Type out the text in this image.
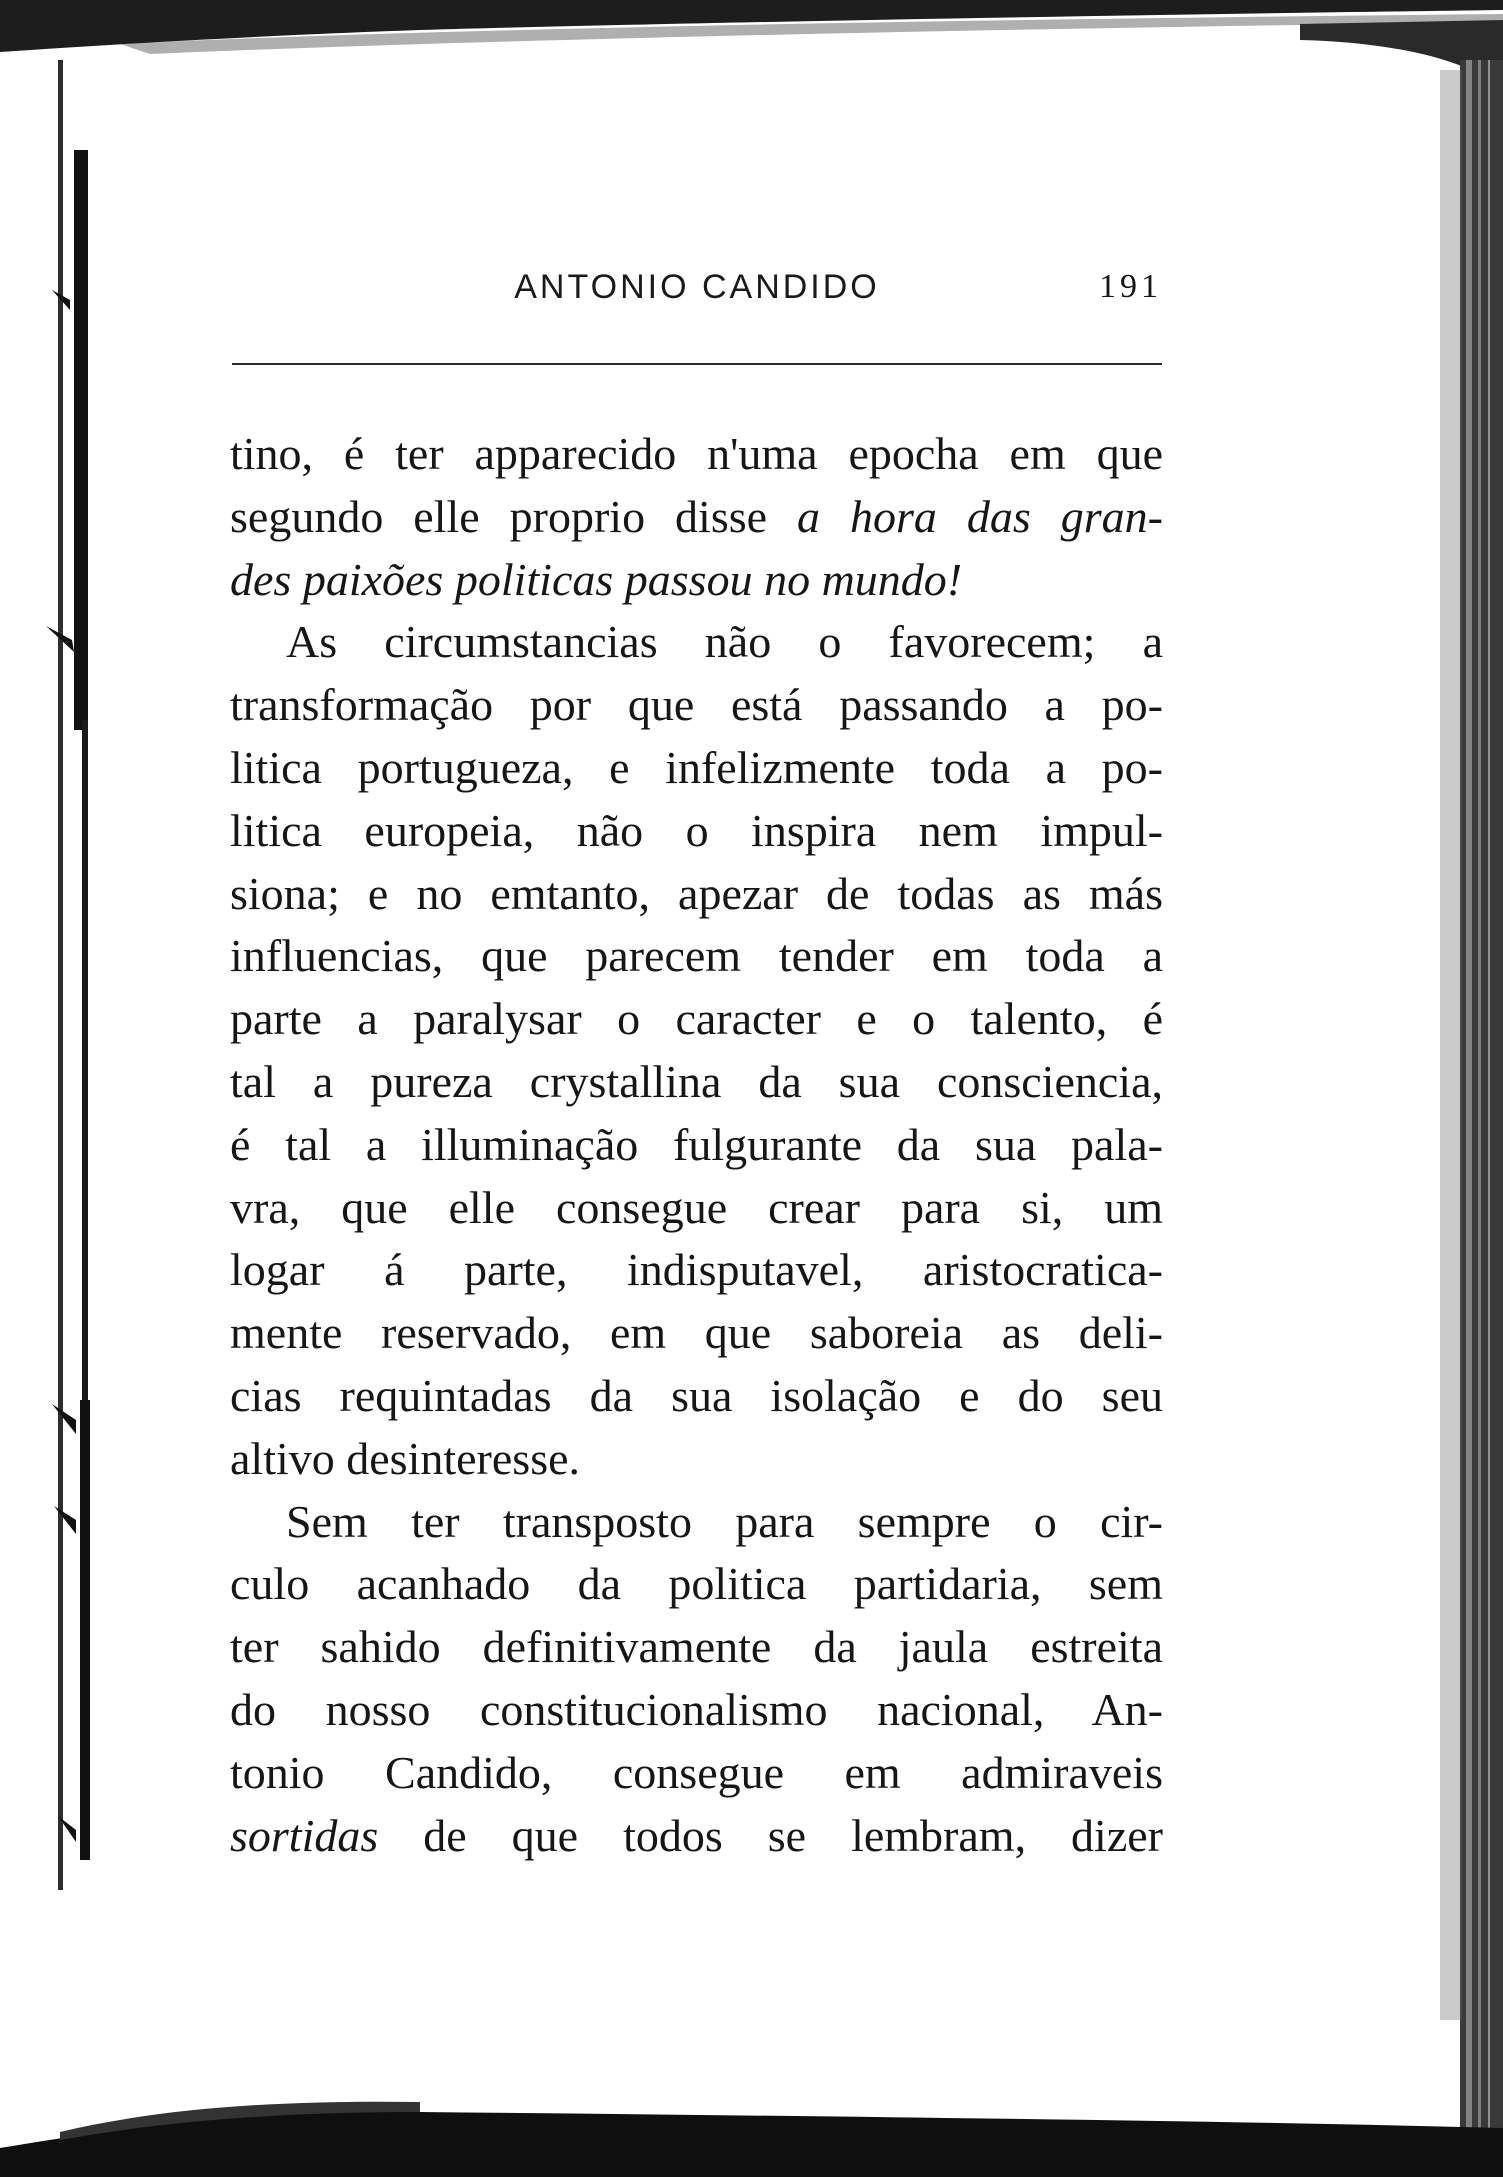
ANTONIO CANDIDO	191
tino, é ter apparecido n'uma epocha em que
segundo elle proprio disse a hora das gran-
des paixões politicas passou no mundo!
As circumstancias não o favorecem; a
transformação por que está passando a po-
litica portugueza, e infelizmente toda a po-
litica europeia, não o inspira nem impul-
siona; e no emtanto, apezar de todas as más
influencias, que parecem tender em toda a
parte a paralysar o caracter e o talento, é
tal a pureza crystallina da sua consciencia,
é tal a illuminação fulgurante da sua pala-
vra, que elle consegue crear para si, um
logar á parte, indisputavel, aristocratica-
mente reservado, em que saboreia as deli-
cias requintadas da sua isolação e do seu
altivo desinteresse.
Sem ter transposto para sempre o cir-
culo acanhado da politica partidaria, sem
ter sahido definitivamente da jaula estreita
do nosso constitucionalismo nacional, An-
tonio Candido, consegue em admiraveis
sortidas de que todos se lembram, dizer
